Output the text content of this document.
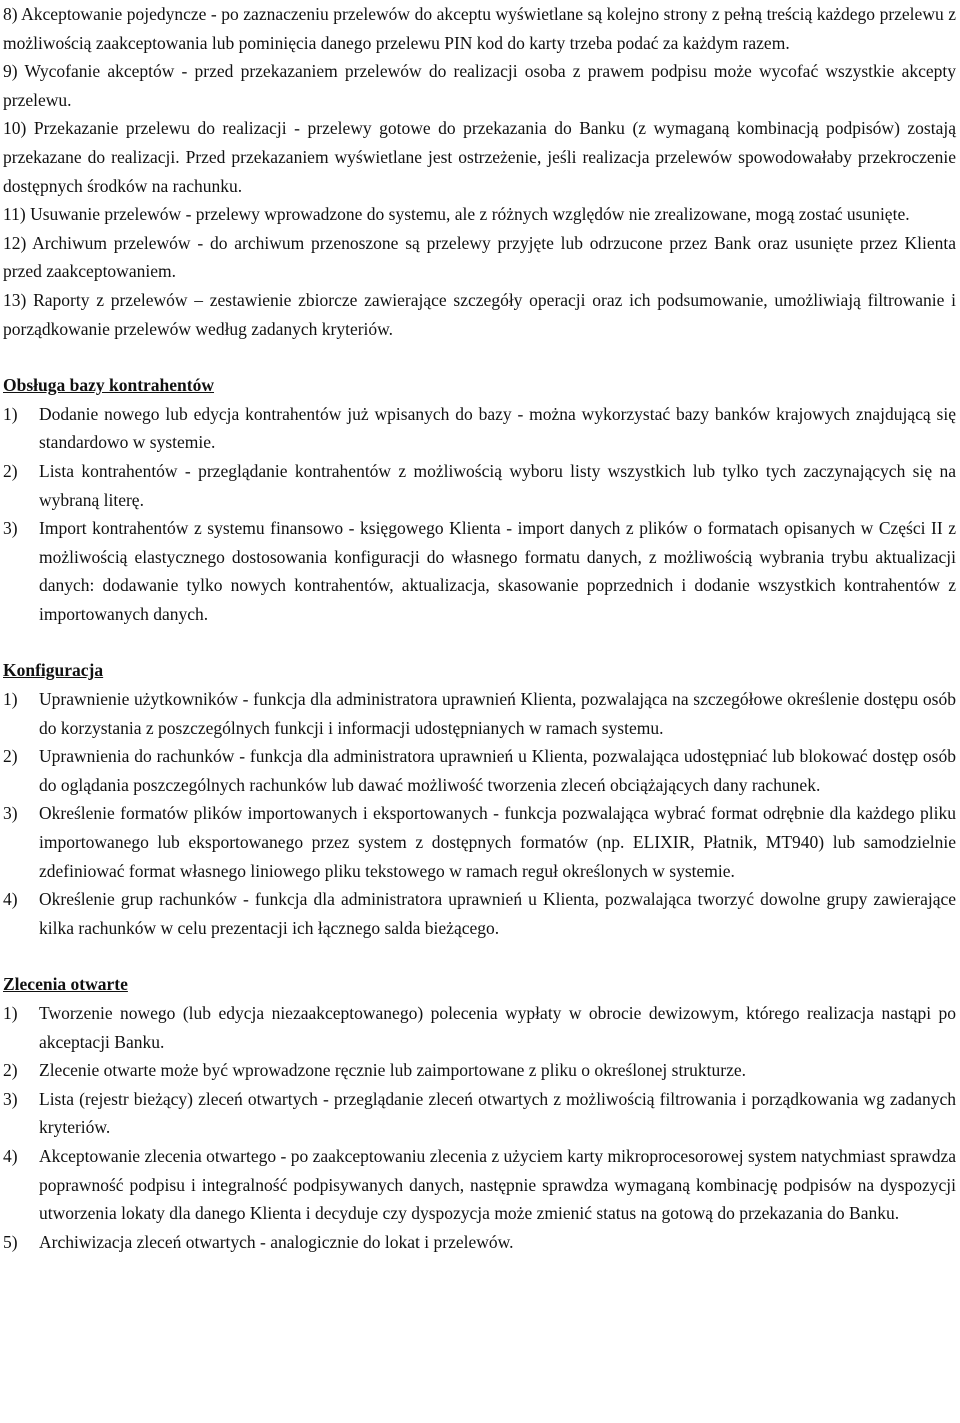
8) Akceptowanie pojedyncze - po zaznaczeniu przelewów do akceptu wyświetlane są kolejno strony z pełną treścią każdego przelewu z możliwością zaakceptowania lub pominięcia danego przelewu PIN kod do karty trzeba podać za każdym razem.

9) Wycofanie akceptów - przed przekazaniem przelewów do realizacji osoba z prawem podpisu może wycofać wszystkie akcepty przelewu.

10) Przekazanie przelewu do realizacji - przelewy gotowe do przekazania do Banku (z wymaganą kombinacją podpisów) zostają przekazane do realizacji. Przed przekazaniem wyświetlane jest ostrzeżenie, jeśli realizacja przelewów spowodowałaby przekroczenie dostępnych środków na rachunku.

11) Usuwanie przelewów - przelewy wprowadzone do systemu, ale z różnych względów nie zrealizowane, mogą zostać usunięte.

12) Archiwum przelewów - do archiwum przenoszone są przelewy przyjęte lub odrzucone przez Bank oraz usunięte przez Klienta przed zaakceptowaniem.

13) Raporty z przelewów – zestawienie zbiorcze zawierające szczegóły operacji oraz ich podsumowanie, umożliwiają filtrowanie i porządkowanie przelewów według zadanych kryteriów.

Obsługa bazy kontrahentów
1)	Dodanie nowego lub edycja kontrahentów już wpisanych do bazy - można wykorzystać bazy banków krajowych znajdującą się standardowo w systemie.
2)	Lista kontrahentów - przeglądanie kontrahentów z możliwością wyboru listy wszystkich lub tylko tych zaczynających się na wybraną literę.
3)	Import kontrahentów z systemu finansowo - księgowego Klienta - import danych z plików o formatach opisanych w Części II z możliwością elastycznego dostosowania konfiguracji do własnego formatu danych, z możliwością wybrania trybu aktualizacji danych: dodawanie tylko nowych kontrahentów, aktualizacja, skasowanie poprzednich i dodanie wszystkich kontrahentów z importowanych danych.
Konfiguracja
1)	Uprawnienie użytkowników - funkcja dla administratora uprawnień Klienta, pozwalająca na szczegółowe określenie dostępu osób do korzystania z poszczególnych funkcji i informacji udostępnianych w ramach systemu.
2)	Uprawnienia do rachunków - funkcja dla administratora uprawnień u Klienta, pozwalająca udostępniać lub blokować dostęp osób do oglądania poszczególnych rachunków lub dawać możliwość tworzenia zleceń obciążających dany rachunek.
3)	Określenie formatów plików importowanych i eksportowanych - funkcja pozwalająca wybrać format odrębnie dla każdego pliku importowanego lub eksportowanego przez system z dostępnych formatów (np. ELIXIR, Płatnik, MT940) lub samodzielnie zdefiniować format własnego liniowego pliku tekstowego w ramach reguł określonych w systemie.
4)	Określenie grup rachunków - funkcja dla administratora uprawnień u Klienta, pozwalająca tworzyć dowolne grupy zawierające kilka rachunków w celu prezentacji ich łącznego salda bieżącego.
Zlecenia otwarte
1)	Tworzenie nowego (lub edycja niezaakceptowanego) polecenia wypłaty w obrocie dewizowym, którego realizacja nastąpi po akceptacji Banku.
2)	Zlecenie otwarte może być wprowadzone ręcznie lub zaimportowane z pliku o określonej strukturze.
3)	Lista (rejestr bieżący) zleceń otwartych - przeglądanie zleceń otwartych z możliwością filtrowania i porządkowania wg zadanych kryteriów.
4)	Akceptowanie zlecenia otwartego - po zaakceptowaniu zlecenia z użyciem karty mikroprocesorowej system natychmiast sprawdza poprawność podpisu i integralność podpisywanych danych, następnie sprawdza wymaganą kombinację podpisów na dyspozycji utworzenia lokaty dla danego Klienta i decyduje czy dyspozycja może zmienić status na gotową do przekazania do Banku.
5)	Archiwizacja zleceń otwartych - analogicznie do lokat i przelewów.
